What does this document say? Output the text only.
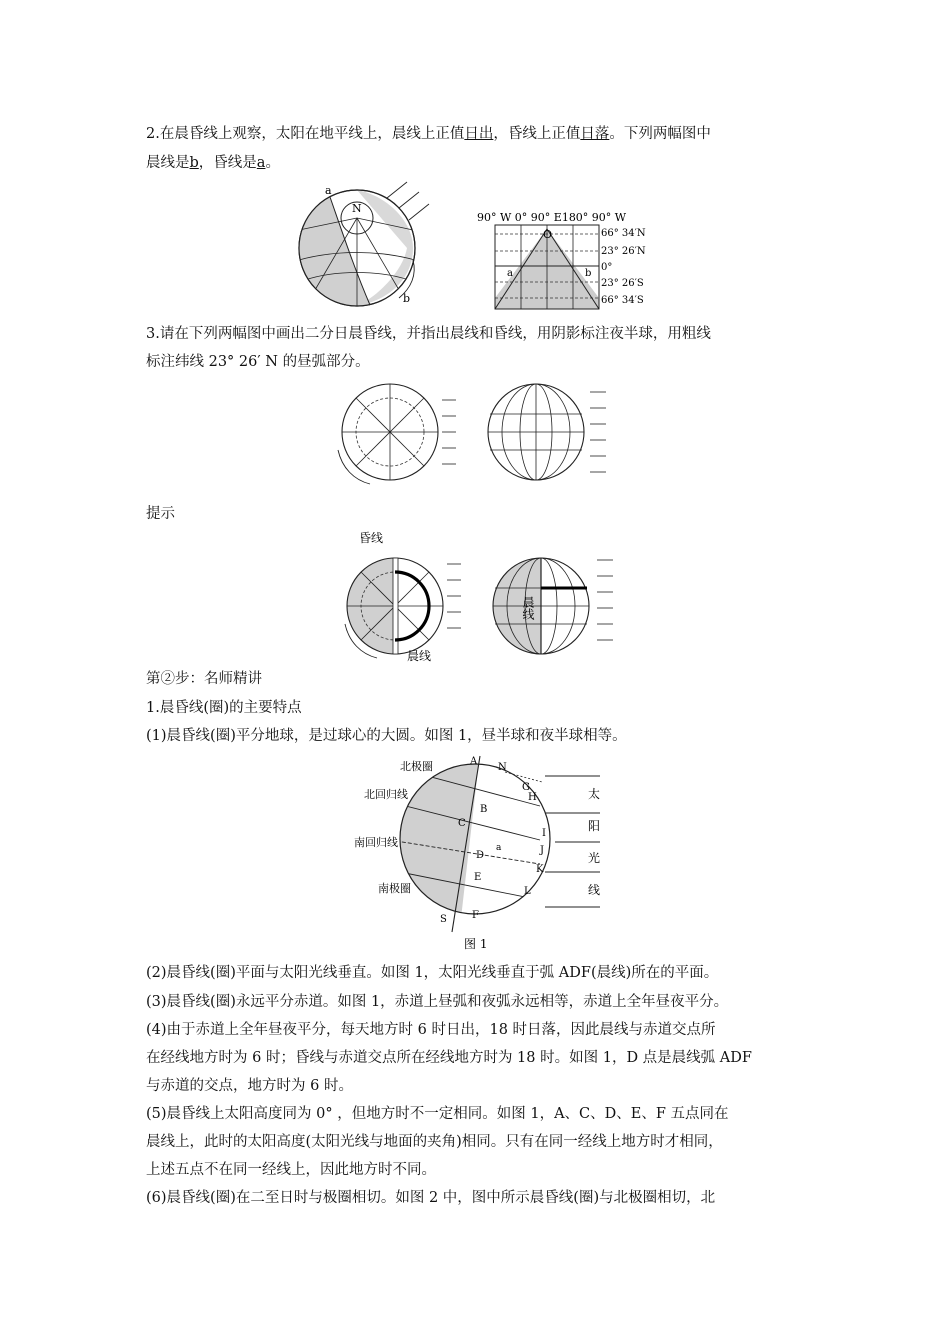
2.在晨昏线上观察，太阳在地平线上，晨线上正值日出，昏线上正值日落。下列两幅图中
晨线是b，昏线是a。
a
N
b
90° W 0° 90° E180° 90° W
O
a	b
66° 34′N
23° 26′N
0°
23° 26′S
66° 34′S
3.请在下列两幅图中画出二分日晨昏线，并指出晨线和昏线，用阴影标注夜半球，用粗线
标注纬线 23° 26′ N 的昼弧部分。
提示
昏线
晨线
晨线
第②步：名师精讲
1.晨昏线(圈)的主要特点
(1)晨昏线(圈)平分地球，是过球心的大圆。如图 1，昼半球和夜半球相等。
北极圈
北回归线
南回归线
南极圈
A
N
G
H
B
C
I
D	J
a
K
E
L
S	F
太
阳
光
线
图 1
(2)晨昏线(圈)平面与太阳光线垂直。如图 1，太阳光线垂直于弧 ADF(晨线)所在的平面。
(3)晨昏线(圈)永远平分赤道。如图 1，赤道上昼弧和夜弧永远相等，赤道上全年昼夜平分。
(4)由于赤道上全年昼夜平分，每天地方时 6 时日出，18 时日落，因此晨线与赤道交点所
在经线地方时为 6 时；昏线与赤道交点所在经线地方时为 18 时。如图 1，D 点是晨线弧 ADF
与赤道的交点，地方时为 6 时。
(5)晨昏线上太阳高度同为 0° ，但地方时不一定相同。如图 1，A、C、D、E、F 五点同在
晨线上，此时的太阳高度(太阳光线与地面的夹角)相同。只有在同一经线上地方时才相同，
上述五点不在同一经线上，因此地方时不同。
(6)晨昏线(圈)在二至日时与极圈相切。如图 2 中，图中所示晨昏线(圈)与北极圈相切，北
